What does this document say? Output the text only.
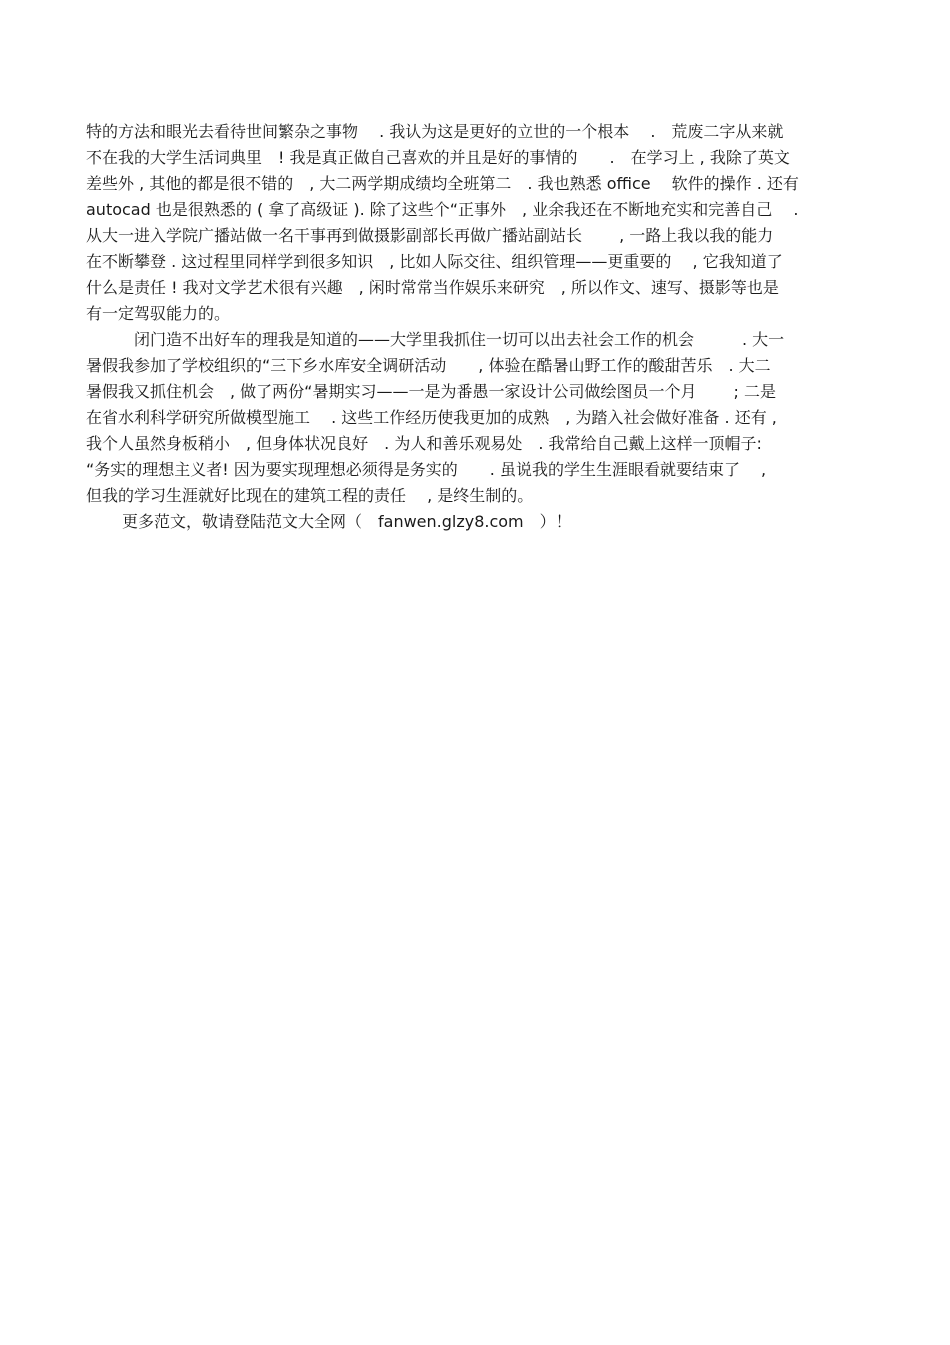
特的方法和眼光去看待世间繁杂之事物　 . 我认为这是更好的立世的一个根本　 .　荒废二字从来就
不在我的大学生活词典里　! 我是真正做自己喜欢的并且是好的事情的　　.　在学习上 , 我除了英文
差些外 , 其他的都是很不错的　, 大二两学期成绩均全班第二　. 我也熟悉 office　 软件的操作 . 还有
autocad 也是很熟悉的 ( 拿了高级证 ). 除了这些个“正事外　, 业余我还在不断地充实和完善自己　 .
从大一进入学院广播站做一名干事再到做摄影副部长再做广播站副站长　　 , 一路上我以我的能力
在不断攀登 . 这过程里同样学到很多知识　, 比如人际交往、组织管理——更重要的　 , 它我知道了
什么是责任 ! 我对文学艺术很有兴趣　, 闲时常常当作娱乐来研究　, 所以作文、速写、摄影等也是
有一定驾驭能力的。
闭门造不出好车的理我是知道的——大学里我抓住一切可以出去社会工作的机会　　　. 大一
暑假我参加了学校组织的“三下乡水库安全调研活动　　, 体验在酷暑山野工作的酸甜苦乐　. 大二
暑假我又抓住机会　, 做了两份“暑期实习——一是为番愚一家设计公司做绘图员一个月　　 ; 二是
在省水利科学研究所做模型施工　 . 这些工作经历使我更加的成熟　, 为踏入社会做好准备 . 还有 ,
我个人虽然身板稍小　, 但身体状况良好　. 为人和善乐观易处　. 我常给自己戴上这样一顶帽子:
“务实的理想主义者! 因为要实现理想必须得是务实的　　. 虽说我的学生生涯眼看就要结束了　 ,
但我的学习生涯就好比现在的建筑工程的责任　 , 是终生制的。
更多范文，敬请登陆范文大全网（　fanwen.glzy8.com　）！
